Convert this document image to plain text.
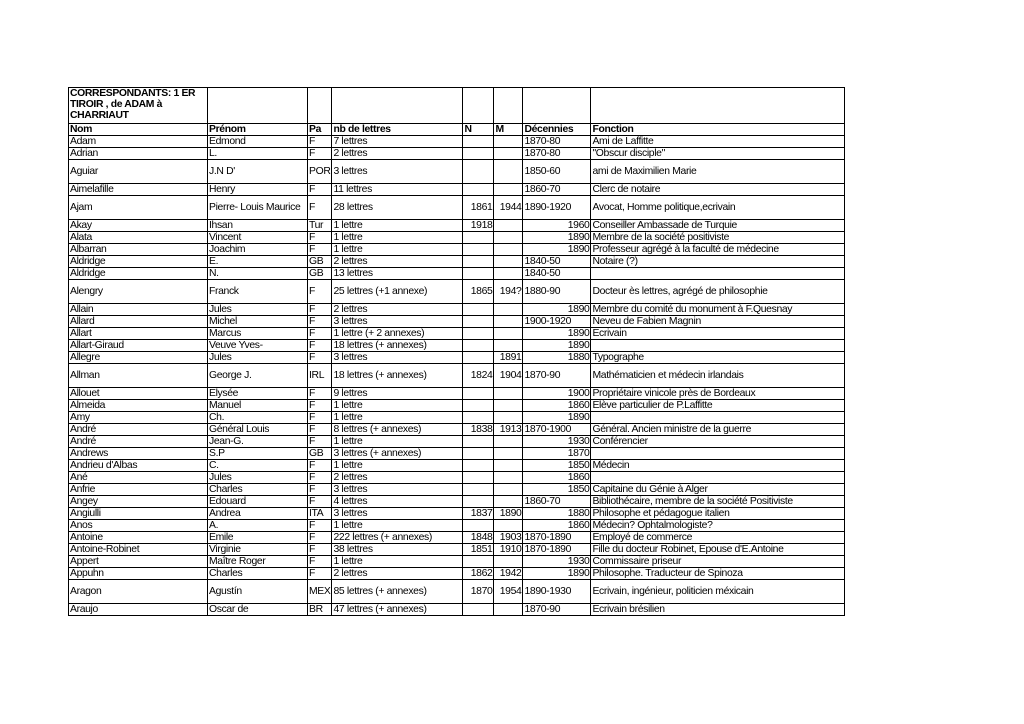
CORRESPONDANTS: 1 ER TIROIR , de ADAM à CHARRIAUT							
Nom	Prénom	Pa	nb de lettres	N	M	Décennies	Fonction
Adam	Edmond	F	7 lettres			1870-80	Ami de Laffitte
Adrian	L.	F	2 lettres			1870-80	"Obscur disciple"
Aguiar	J.N D'	POR	3 lettres			1850-60	ami de Maximilien Marie
Aimelafille	Henry	F	11 lettres			1860-70	Clerc de notaire
Ajam	Pierre- Louis Maurice	F	28 lettres	1861	1944	1890-1920	Avocat, Homme politique,ecrivain
Akay	Ihsan	Tur	1 lettre	1918		1960	Conseiller Ambassade de Turquie
Alata	Vincent	F	1 lettre			1890	Membre de la société positiviste
Albarran	Joachim	F	1 lettre			1890	Professeur agrégé à la faculté de médecine
Aldridge	E.	GB	2 lettres			1840-50	Notaire (?)
Aldridge	N.	GB	13 lettres			1840-50	
Alengry	Franck	F	25 lettres (+1 annexe)	1865	194?	1880-90	Docteur ès lettres, agrégé de philosophie
Allain	Jules	F	2 lettres			1890	Membre du comité du monument à F.Quesnay
Allard	Michel	F	3 lettres			1900-1920	Neveu de Fabien Magnin
Allart	Marcus	F	1 lettre (+ 2 annexes)			1890	Ecrivain
Allart-Giraud	Veuve Yves-	F	18 lettres (+ annexes)			1890	
Allegre	Jules	F	3 lettres		1891	1880	Typographe
Allman	George J.	IRL	18 lettres (+ annexes)	1824	1904	1870-90	Mathématicien et médecin irlandais
Allouet	Elysée	F	9 lettres			1900	Propriétaire vinicole près de Bordeaux
Almeida	Manuel	F	1 lettre			1860	Elève particulier de P.Laffitte
Amy	Ch.	F	1 lettre			1890	
André	Général Louis	F	8 lettres (+ annexes)	1838	1913	1870-1900	Général. Ancien ministre de la guerre
André	Jean-G.	F	1 lettre			1930	Conférencier
Andrews	S.P	GB	3 lettres (+ annexes)			1870	
Andrieu d'Albas	C.	F	1 lettre			1850	Médecin
Ané	Jules	F	2 lettres			1860	
Anfrie	Charles	F	3 lettres			1850	Capitaine du Génie à Alger
Angey	Edouard	F	4 lettres			1860-70	Bibliothécaire, membre de la société Positiviste
Angiulli	Andrea	ITA	3 lettres	1837	1890	1880	Philosophe et pédagogue italien
Anos	A.	F	1 lettre			1860	Médecin? Ophtalmologiste?
Antoine	Emile	F	222 lettres (+ annexes)	1848	1903	1870-1890	Employé de commerce
Antoine-Robinet	Virginie	F	38 lettres	1851	1910	1870-1890	Fille du docteur Robinet, Epouse d'E.Antoine
Appert	Maître Roger	F	1 lettre			1930	Commissaire priseur
Appuhn	Charles	F	2 lettres	1862	1942	1890	Philosophe. Traducteur de Spinoza
Aragon	Agustín	MEX	85 lettres (+ annexes)	1870	1954	1890-1930	Ecrivain, ingénieur, politicien méxicain
Araujo	Oscar de	BR	47 lettres (+ annexes)			1870-90	Ecrivain brésilien
